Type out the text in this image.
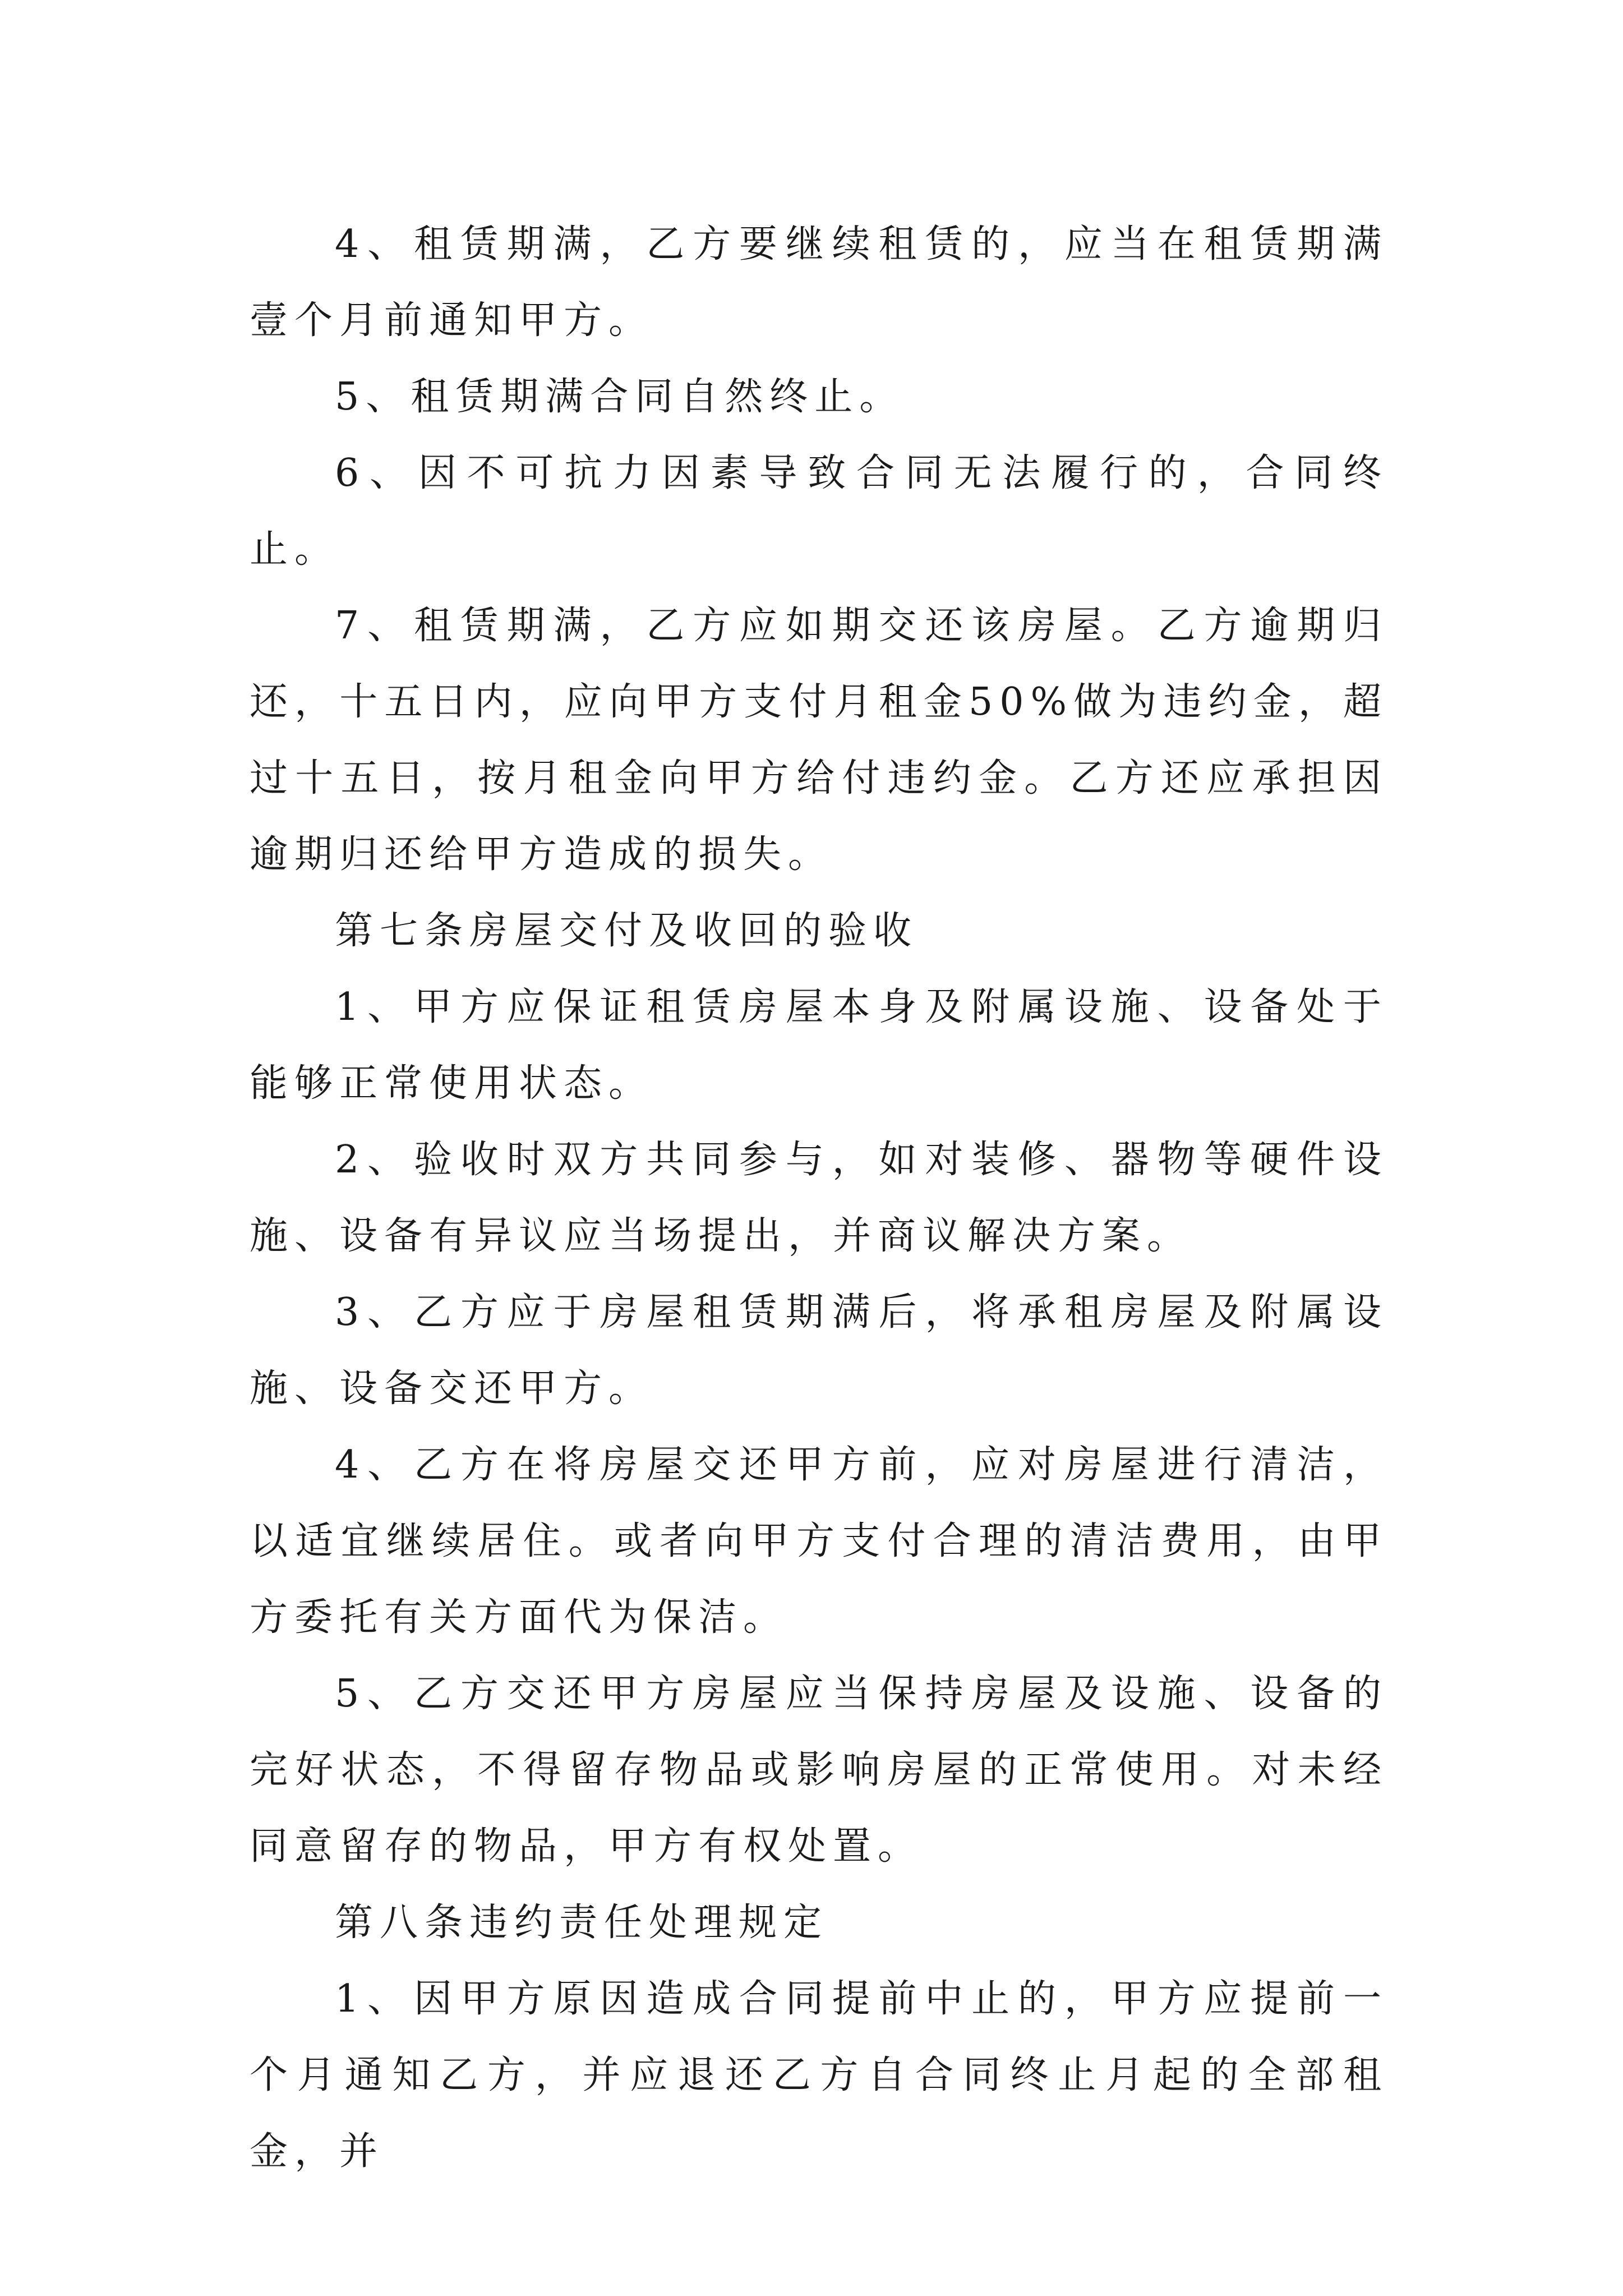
4、租赁期满，乙方要继续租赁的，应当在租赁期满壹个月前通知甲方。

5、租赁期满合同自然终止。

6、因不可抗力因素导致合同无法履行的，合同终止。

7、租赁期满，乙方应如期交还该房屋。乙方逾期归还，十五日内，应向甲方支付月租金50%做为违约金，超过十五日，按月租金向甲方给付违约金。乙方还应承担因逾期归还给甲方造成的损失。

第七条房屋交付及收回的验收

1、甲方应保证租赁房屋本身及附属设施、设备处于能够正常使用状态。

2、验收时双方共同参与，如对装修、器物等硬件设施、设备有异议应当场提出，并商议解决方案。

3、乙方应于房屋租赁期满后，将承租房屋及附属设施、设备交还甲方。

4、乙方在将房屋交还甲方前，应对房屋进行清洁，以适宜继续居住。或者向甲方支付合理的清洁费用，由甲方委托有关方面代为保洁。

5、乙方交还甲方房屋应当保持房屋及设施、设备的完好状态，不得留存物品或影响房屋的正常使用。对未经同意留存的物品，甲方有权处置。

第八条违约责任处理规定

1、因甲方原因造成合同提前中止的，甲方应提前一个月通知乙方，并应退还乙方自合同终止月起的全部租金，并
